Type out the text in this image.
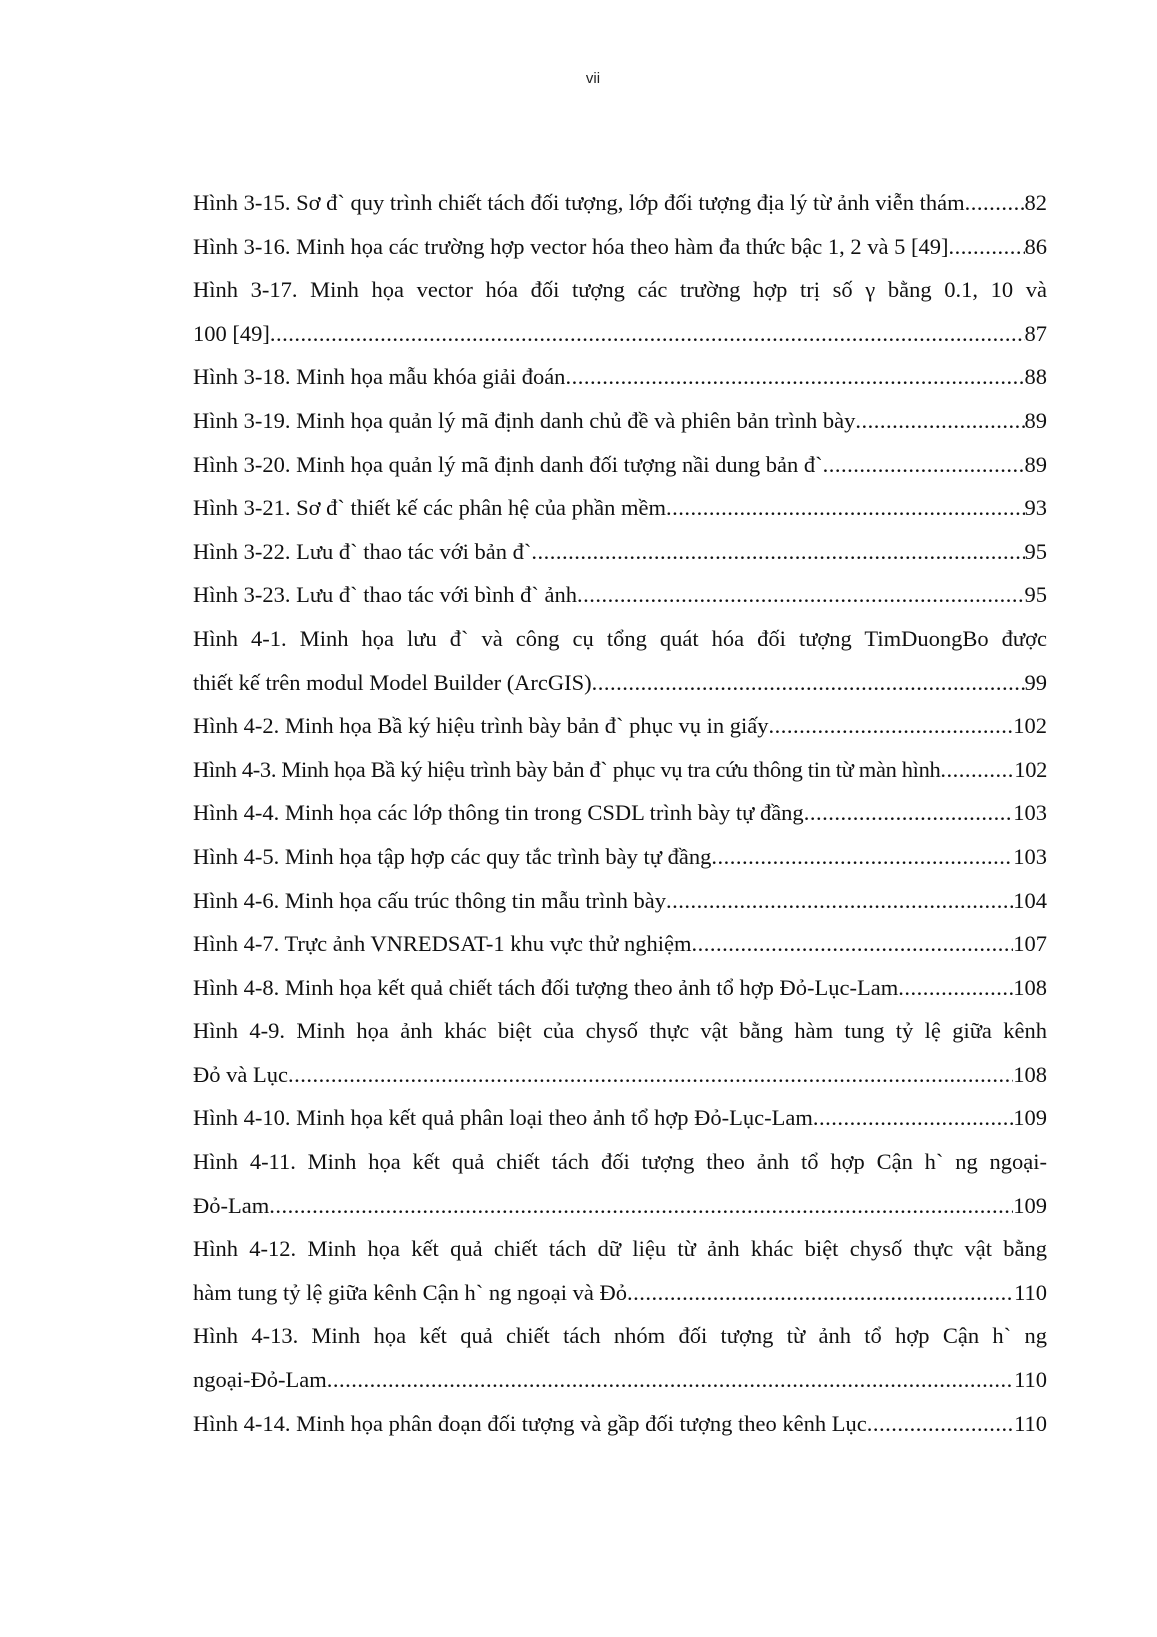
vii
Hình 3-15. Sơ đ` quy trình chiết tách đối tượng, lớp đối tượng địa lý từ ảnh viễn thám .....	82
Hình 3-16. Minh họa các trường hợp vector hóa theo hàm đa thức bậc 1, 2 và 5 [49] .....	86
Hình 3-17. Minh họa vector hóa đối tượng các trường hợp trị số γ bằng 0.1, 10 và
100 [49] .....	87
Hình 3-18. Minh họa mẫu khóa giải đoán .....	88
Hình 3-19. Minh họa quản lý mã định danh chủ đề và phiên bản trình bày .....	89
Hình 3-20. Minh họa quản lý mã định danh đối tượng nầi dung bản đ` .....	89
Hình 3-21. Sơ đ` thiết kế các phân hệ của phần mềm .....	93
Hình 3-22. Lưu đ` thao tác với bản đ` .....	95
Hình 3-23. Lưu đ` thao tác với bình đ` ảnh .....	95
Hình 4-1. Minh họa lưu đ` và công cụ tổng quát hóa đối tượng TimDuongBo được
thiết kế trên modul Model Builder (ArcGIS) .....	99
Hình 4-2. Minh họa Bầ ký hiệu trình bày bản đ` phục vụ in giấy .....	102
Hình 4-3. Minh họa Bầ ký hiệu trình bày bản đ` phục vụ tra cứu thông tin từ màn hình .....	102
Hình 4-4. Minh họa các lớp thông tin trong CSDL trình bày tự đầng .....	103
Hình 4-5. Minh họa tập hợp các quy tắc trình bày tự đầng .....	103
Hình 4-6. Minh họa cấu trúc thông tin mẫu trình bày .....	104
Hình 4-7. Trực ảnh VNREDSAT-1 khu vực thử nghiệm .....	107
Hình 4-8. Minh họa kết quả chiết tách đối tượng theo ảnh tổ hợp Đỏ-Lục-Lam .....	108
Hình 4-9. Minh họa ảnh khác biệt của chysố thực vật bằng hàm tung tỷ lệ giữa kênh
Đỏ và Lục .....	108
Hình 4-10. Minh họa kết quả phân loại theo ảnh tổ hợp Đỏ-Lục-Lam .....	109
Hình 4-11. Minh họa kết quả chiết tách đối tượng theo ảnh tổ hợp Cận h` ng ngoại-
Đỏ-Lam .....	109
Hình 4-12. Minh họa kết quả chiết tách dữ liệu từ ảnh khác biệt chysố thực vật bằng
hàm tung tỷ lệ giữa kênh Cận h` ng ngoại và Đỏ .....	110
Hình 4-13. Minh họa kết quả chiết tách nhóm đối tượng từ ảnh tổ hợp Cận h` ng
ngoại-Đỏ-Lam .....	110
Hình 4-14. Minh họa phân đoạn đối tượng và gầp đối tượng theo kênh Lục .....	110
